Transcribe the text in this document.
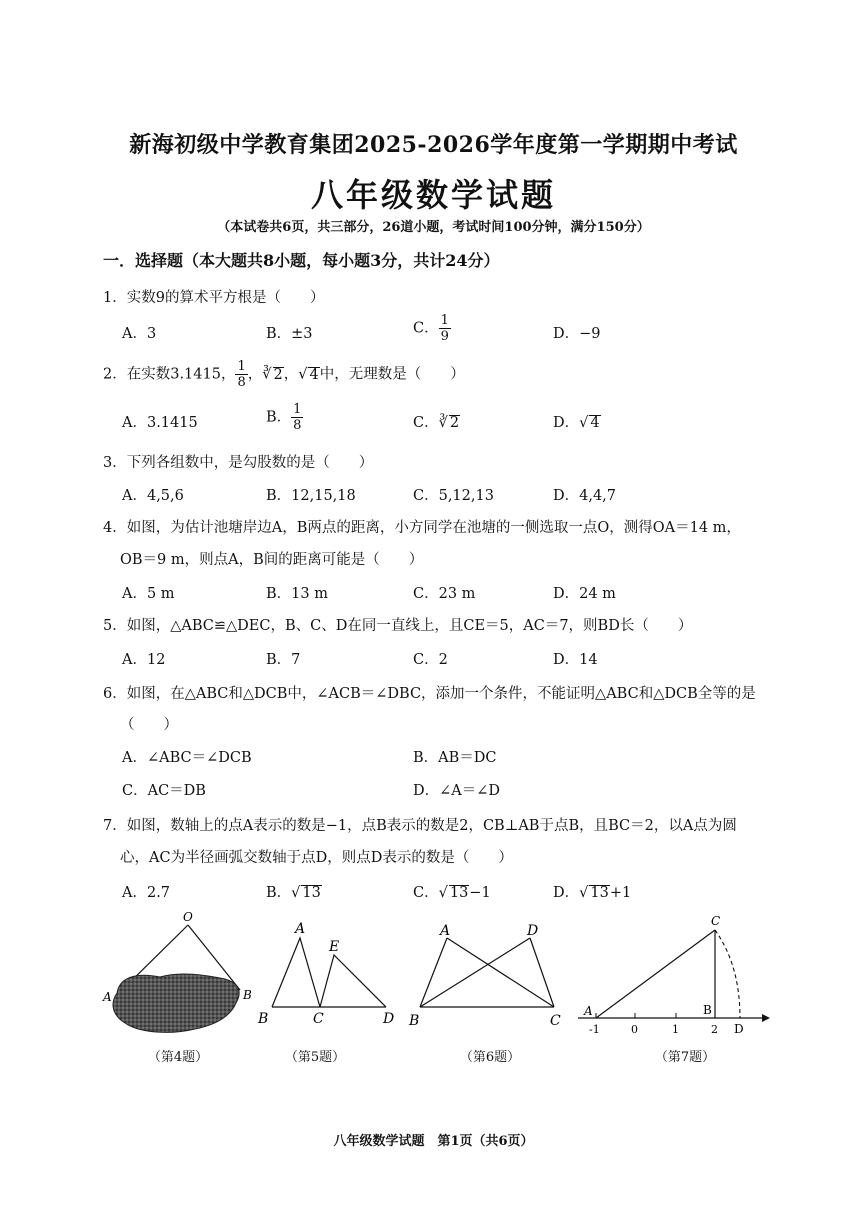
新海初级中学教育集团2025-2026学年度第一学期期中考试
八年级数学试题
（本试卷共6页，共三部分，26道小题，考试时间100分钟，满分150分）
一．选择题（本大题共8小题，每小题3分，共计24分）
1．实数9的算术平方根是（　　）
A．3	B．±3	C． $\frac{1}{9}$	D．−9
2．在实数3.1415， $\frac{1}{8}$ ，∛ 2，√ 4中，无理数是（　　）
A．3.1415	B． $\frac{1}{8}$	C．∛ 2	D．√ 4
3．下列各组数中，是勾股数的是（　　）
A．4,5,6	B．12,15,18	C．5,12,13	D．4,4,7
4．如图，为估计池塘岸边A，B两点的距离，小方同学在池塘的一侧选取一点O，测得OA＝14 m，
OB＝9 m，则点A，B间的距离可能是（　　）
A．5 m	B．13 m	C．23 m	D．24 m
5．如图，△ABC≌△DEC，B、C、D在同一直线上，且CE＝5，AC＝7，则BD长（　　）
A．12	B．7	C．2	D．14
6．如图，在△ABC和△DCB中，∠ACB＝∠DBC，添加一个条件，不能证明△ABC和△DCB全等的是
（　　）
A．∠ABC＝∠DCB	B．AB＝DC
C．AC＝DB	D．∠A＝∠D
7．如图，数轴上的点A表示的数是−1，点B表示的数是2，CB⊥AB于点B，且BC＝2，以A点为圆
心，AC为半径画弧交数轴于点D，则点D表示的数是（　　）
A．2.7	B．√ 13	C．√ 13−1	D．√ 13+1
O
A	B
A
E
B	C	D
A	D
B	C
C
A	B
D
-1	0	1	2
（第4题）	（第5题）	（第6题）	（第7题）
八年级数学试题　第1页（共6页）
